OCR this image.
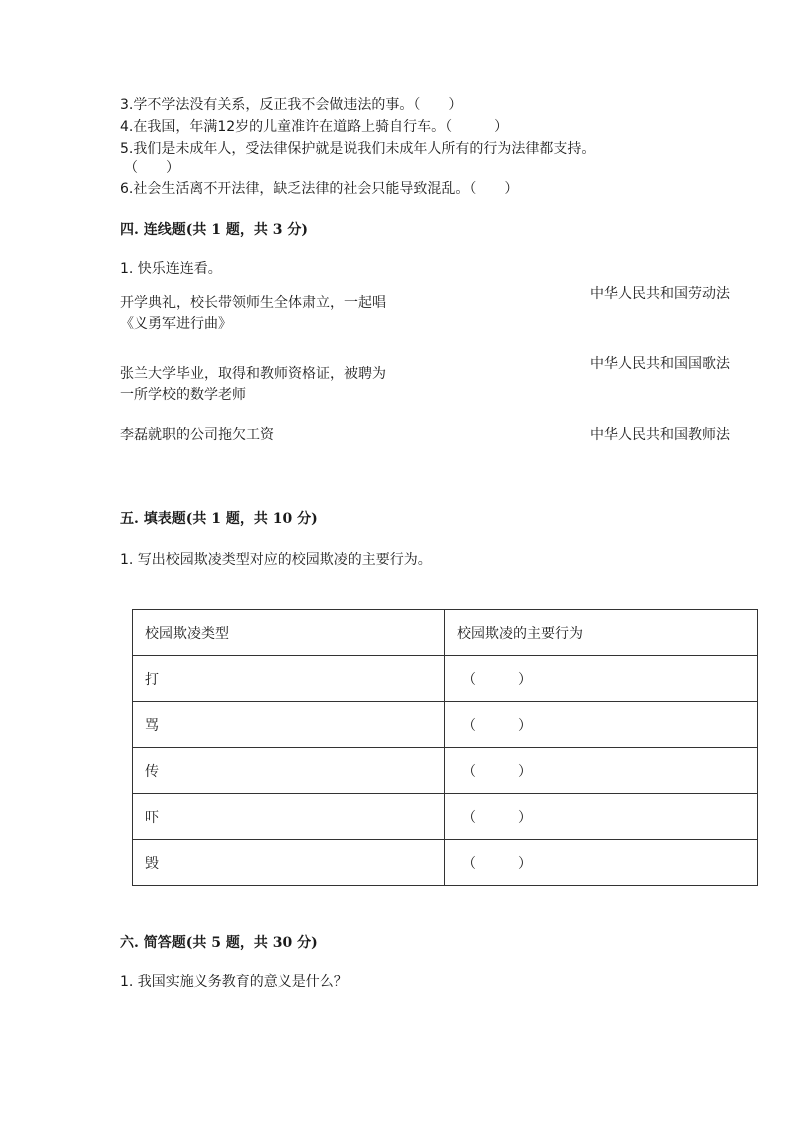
3.学不学法没有关系，反正我不会做违法的事。（　　）
4.在我国，年满12岁的儿童准许在道路上骑自行车。（　　　）
5.我们是未成年人，受法律保护就是说我们未成年人所有的行为法律都支持。
（　　）
6.社会生活离不开法律，缺乏法律的社会只能导致混乱。（　　）
四. 连线题(共 1 题，共 3 分)
1. 快乐连连看。
开学典礼，校长带领师生全体肃立，一起唱
《义勇军进行曲》
张兰大学毕业，取得和教师资格证，被聘为
一所学校的数学老师
李磊就职的公司拖欠工资
中华人民共和国劳动法
中华人民共和国国歌法
中华人民共和国教师法
五. 填表题(共 1 题，共 10 分)
1. 写出校园欺凌类型对应的校园欺凌的主要行为。
校园欺凌类型	校园欺凌的主要行为
打	（　　　）
骂	（　　　）
传	（　　　）
吓	（　　　）
毁	（　　　）
六. 简答题(共 5 题，共 30 分)
1. 我国实施义务教育的意义是什么？
